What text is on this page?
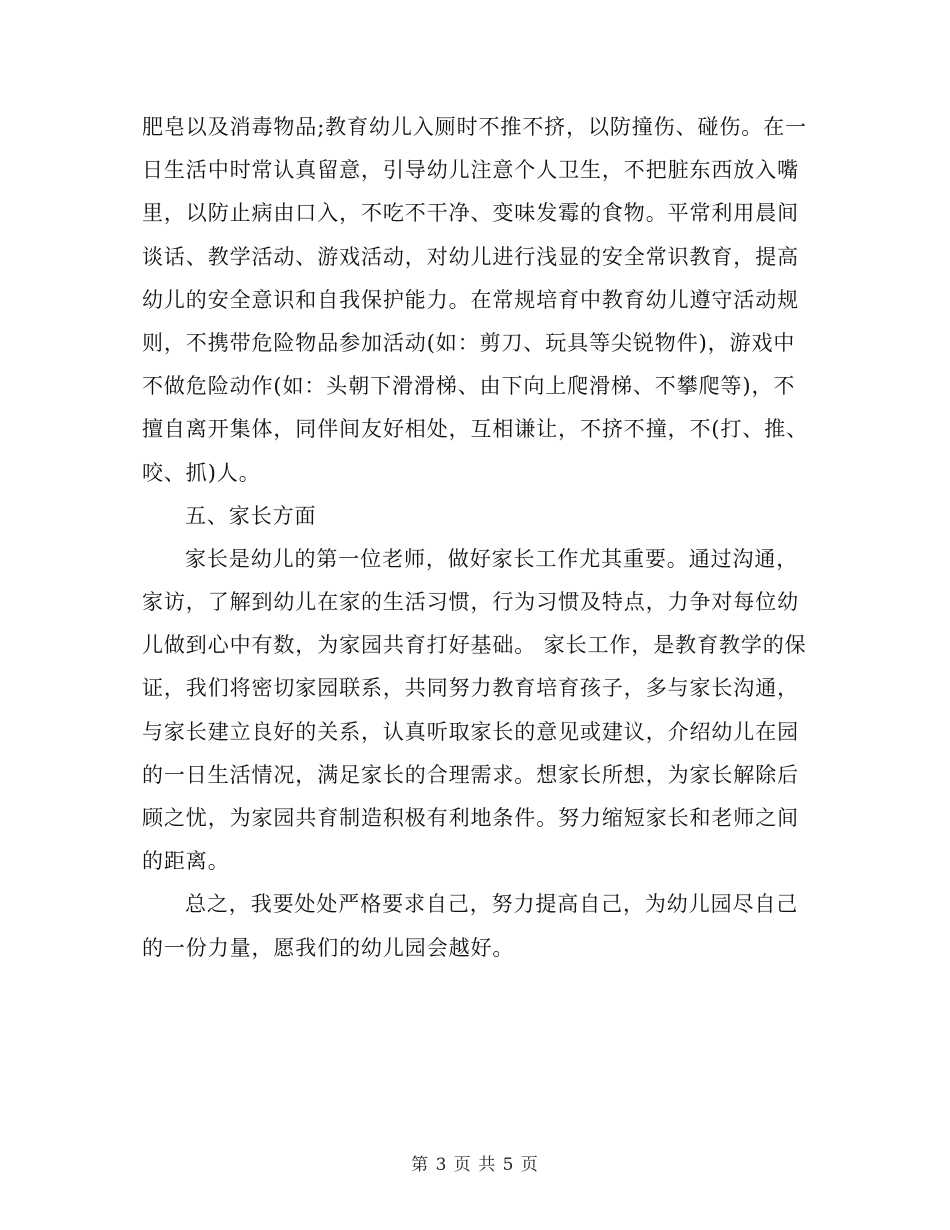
肥皂以及消毒物品;教育幼儿入厕时不推不挤，以防撞伤、碰伤。在一
日生活中时常认真留意，引导幼儿注意个人卫生，不把脏东西放入嘴
里，以防止病由口入，不吃不干净、变味发霉的食物。平常利用晨间
谈话、教学活动、游戏活动，对幼儿进行浅显的安全常识教育，提高
幼儿的安全意识和自我保护能力。在常规培育中教育幼儿遵守活动规
则，不携带危险物品参加活动(如：剪刀、玩具等尖锐物件)，游戏中
不做危险动作(如：头朝下滑滑梯、由下向上爬滑梯、不攀爬等)，不
擅自离开集体，同伴间友好相处，互相谦让，不挤不撞，不(打、推、
咬、抓)人。
五、家长方面
家长是幼儿的第一位老师，做好家长工作尤其重要。通过沟通，
家访，了解到幼儿在家的生活习惯，行为习惯及特点，力争对每位幼
儿做到心中有数，为家园共育打好基础。 家长工作，是教育教学的保
证，我们将密切家园联系，共同努力教育培育孩子，多与家长沟通，
与家长建立良好的关系，认真听取家长的意见或建议，介绍幼儿在园
的一日生活情况，满足家长的合理需求。想家长所想，为家长解除后
顾之忧，为家园共育制造积极有利地条件。努力缩短家长和老师之间
的距离。
总之，我要处处严格要求自己，努力提高自己，为幼儿园尽自己
的一份力量，愿我们的幼儿园会越好。
第 3 页 共 5 页
